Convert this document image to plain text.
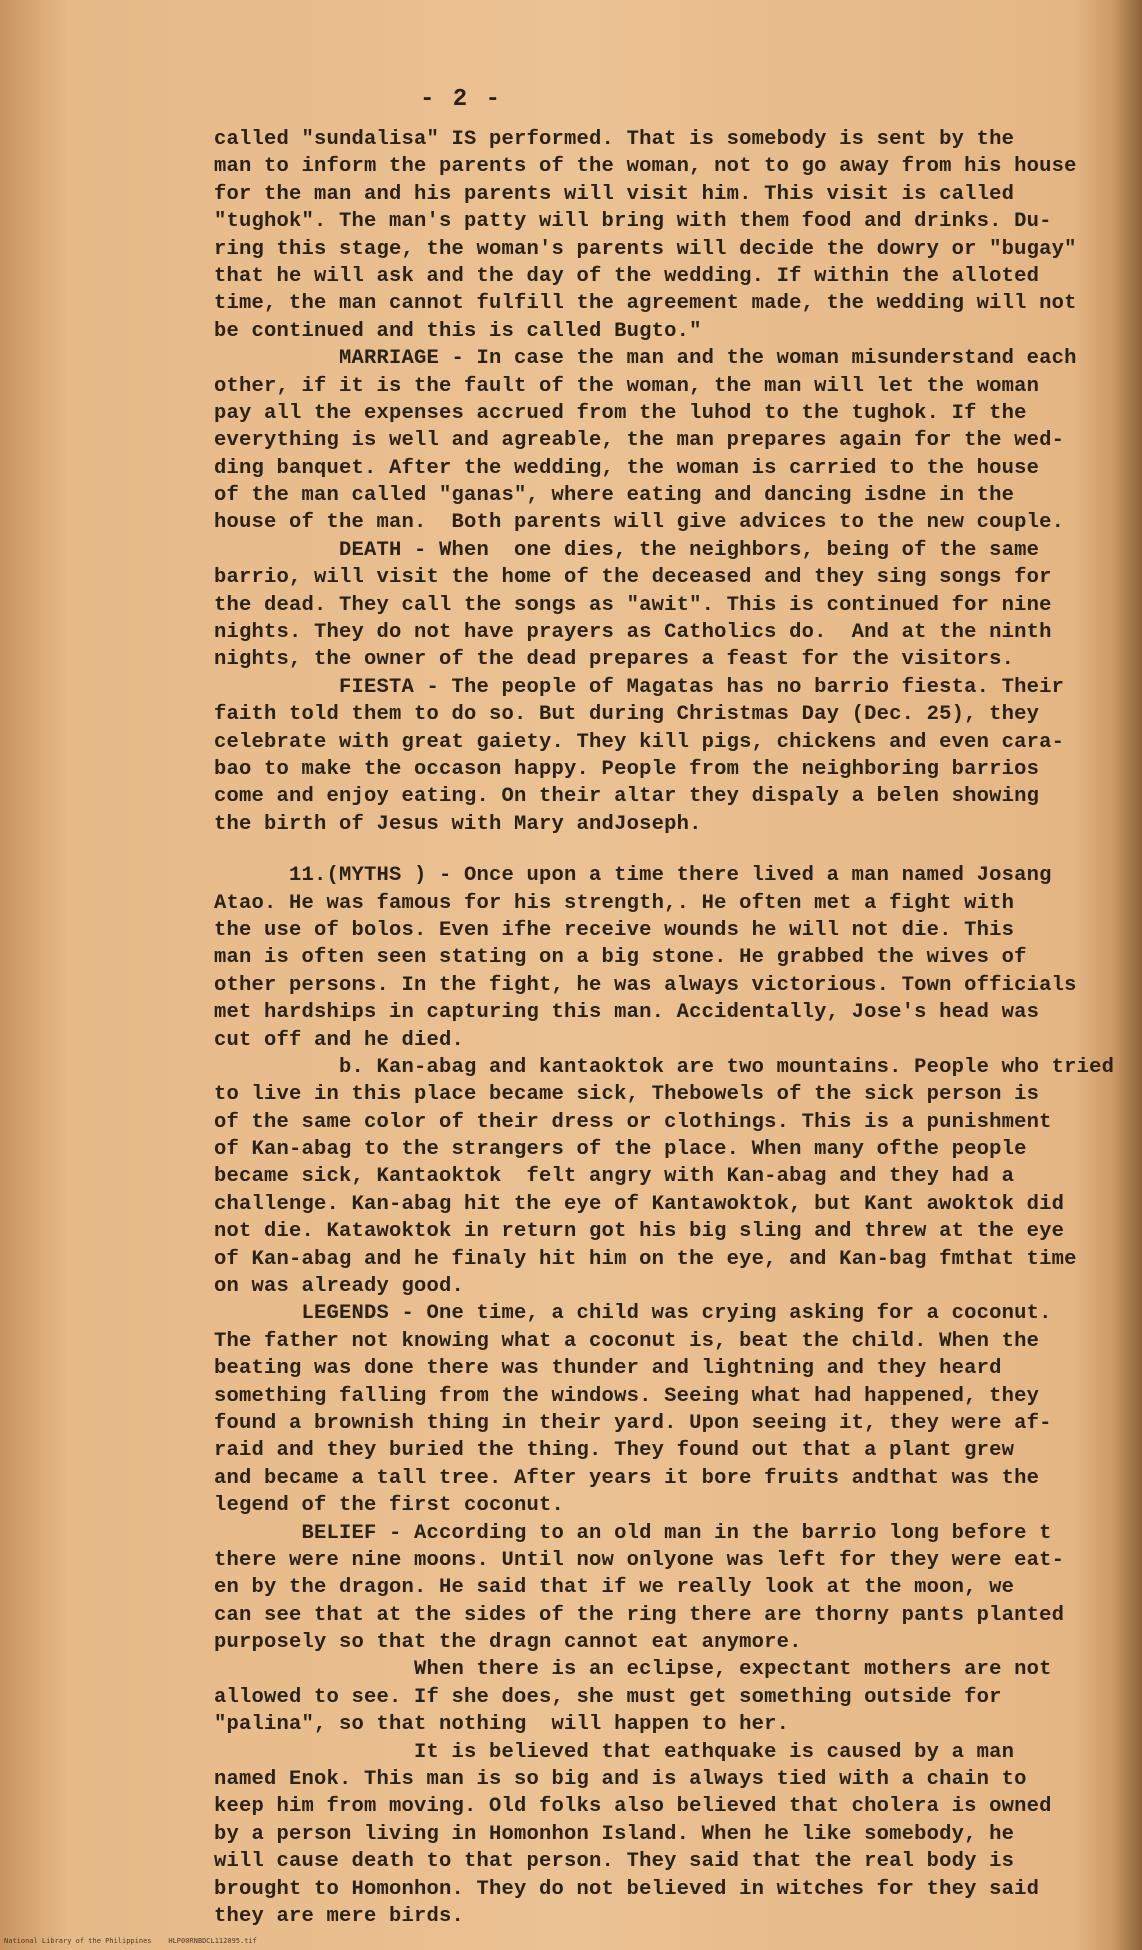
- 2 -
called "sundalisa" IS performed. That is somebody is sent by the
man to inform the parents of the woman, not to go away from his house
for the man and his parents will visit him. This visit is called
"tughok". The man's patty will bring with them food and drinks. Du-
ring this stage, the woman's parents will decide the dowry or "bugay"
that he will ask and the day of the wedding. If within the alloted
time, the man cannot fulfill the agreement made, the wedding will not
be continued and this is called Bugto."
MARRIAGE - In case the man and the woman misunderstand each
other, if it is the fault of the woman, the man will let the woman
pay all the expenses accrued from the luhod to the tughok. If the
everything is well and agreable, the man prepares again for the wed-
ding banquet. After the wedding, the woman is carried to the house
of the man called "ganas", where eating and dancing isdne in the
house of the man.  Both parents will give advices to the new couple.
DEATH - When  one dies, the neighbors, being of the same
barrio, will visit the home of the deceased and they sing songs for
the dead. They call the songs as "awit". This is continued for nine
nights. They do not have prayers as Catholics do.  And at the ninth
nights, the owner of the dead prepares a feast for the visitors.
FIESTA - The people of Magatas has no barrio fiesta. Their
faith told them to do so. But during Christmas Day (Dec. 25), they
celebrate with great gaiety. They kill pigs, chickens and even cara-
bao to make the occason happy. People from the neighboring barrios
come and enjoy eating. On their altar they dispaly a belen showing
the birth of Jesus with Mary andJoseph.
11.(MYTHS ) - Once upon a time there lived a man named Josang
Atao. He was famous for his strength,. He often met a fight with
the use of bolos. Even ifhe receive wounds he will not die. This
man is often seen stating on a big stone. He grabbed the wives of
other persons. In the fight, he was always victorious. Town officials
met hardships in capturing this man. Accidentally, Jose's head was
cut off and he died.
b. Kan-abag and kantaoktok are two mountains. People who tried
to live in this place became sick, Thebowels of the sick person is
of the same color of their dress or clothings. This is a punishment
of Kan-abag to the strangers of the place. When many ofthe people
became sick, Kantaoktok  felt angry with Kan-abag and they had a
challenge. Kan-abag hit the eye of Kantawoktok, but Kant awoktok did
not die. Katawoktok in return got his big sling and threw at the eye
of Kan-abag and he finaly hit him on the eye, and Kan-bag fmthat time
on was already good.
LEGENDS - One time, a child was crying asking for a coconut.
The father not knowing what a coconut is, beat the child. When the
beating was done there was thunder and lightning and they heard
something falling from the windows. Seeing what had happened, they
found a brownish thing in their yard. Upon seeing it, they were af-
raid and they buried the thing. They found out that a plant grew
and became a tall tree. After years it bore fruits andthat was the
legend of the first coconut.
BELIEF - According to an old man in the barrio long before t
there were nine moons. Until now onlyone was left for they were eat-
en by the dragon. He said that if we really look at the moon, we
can see that at the sides of the ring there are thorny pants planted
purposely so that the dragn cannot eat anymore.
When there is an eclipse, expectant mothers are not
allowed to see. If she does, she must get something outside for
"palina", so that nothing  will happen to her.
It is believed that eathquake is caused by a man
named Enok. This man is so big and is always tied with a chain to
keep him from moving. Old folks also believed that cholera is owned
by a person living in Homonhon Island. When he like somebody, he
will cause death to that person. They said that the real body is
brought to Homonhon. They do not believed in witches for they said
they are mere birds.
National Library of the Philippines    HLP00RNBDCL112095.tif
